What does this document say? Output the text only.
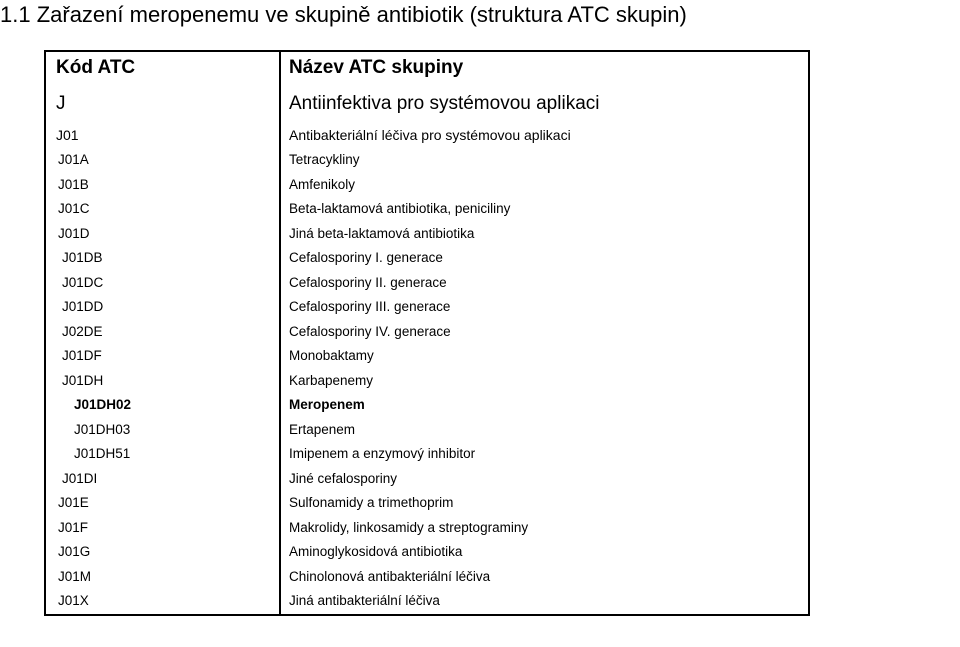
1.1 Zařazení meropenemu ve skupině antibiotik (struktura ATC skupin)
Kód ATC
J
J01
J01A
J01B
J01C
J01D
J01DB
J01DC
J01DD
J02DE
J01DF
J01DH
J01DH02
J01DH03
J01DH51
J01DI
J01E
J01F
J01G
J01M
J01X
Název ATC skupiny
Antiinfektiva pro systémovou aplikaci
Antibakteriální léčiva pro systémovou aplikaci
Tetracykliny
Amfenikoly
Beta-laktamová antibiotika, peniciliny
Jiná beta-laktamová antibiotika
Cefalosporiny I. generace
Cefalosporiny II. generace
Cefalosporiny III. generace
Cefalosporiny IV. generace
Monobaktamy
Karbapenemy
Meropenem
Ertapenem
Imipenem a enzymový inhibitor
Jiné cefalosporiny
Sulfonamidy a trimethoprim
Makrolidy, linkosamidy a streptograminy
Aminoglykosidová antibiotika
Chinolonová antibakteriální léčiva
Jiná antibakteriální léčiva
